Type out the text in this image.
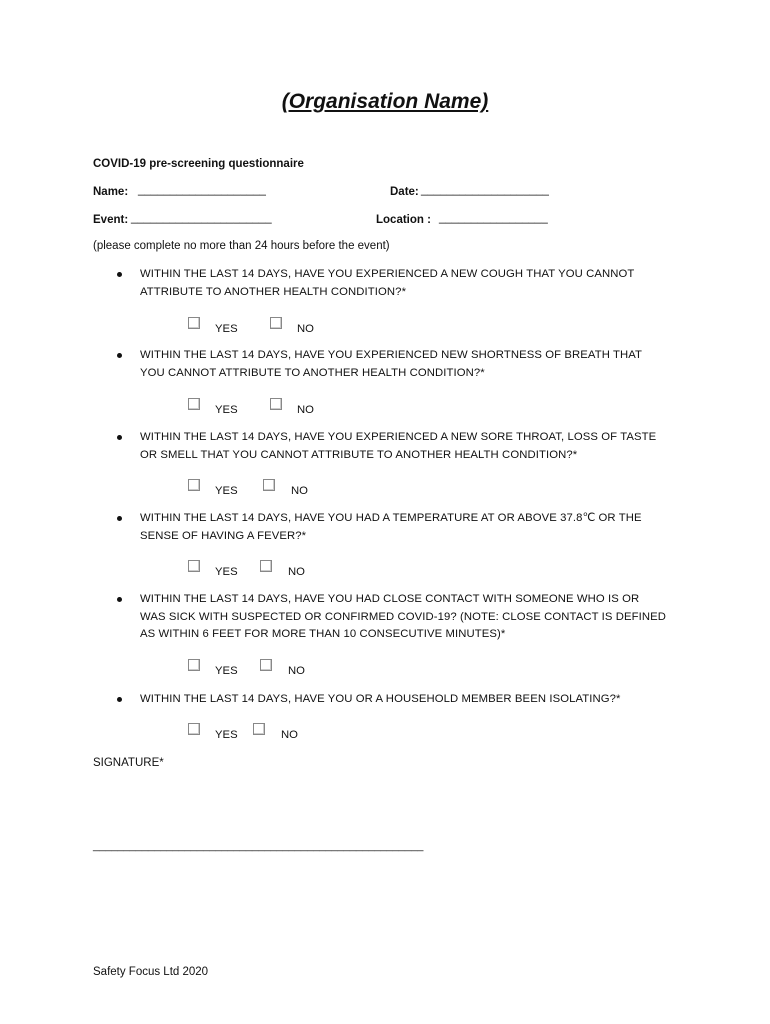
(Organisation Name)
COVID-19 pre-screening questionnaire
Name: ____________________	Date: ____________________
Event: ______________________	Location : _________________
(please complete no more than 24 hours before the event)
WITHIN THE LAST 14 DAYS, HAVE YOU EXPERIENCED A NEW COUGH THAT YOU CANNOT
ATTRIBUTE TO ANOTHER HEALTH CONDITION?*
YES	NO
WITHIN THE LAST 14 DAYS, HAVE YOU EXPERIENCED NEW SHORTNESS OF BREATH THAT
YOU CANNOT ATTRIBUTE TO ANOTHER HEALTH CONDITION?*
YES	NO
WITHIN THE LAST 14 DAYS, HAVE YOU EXPERIENCED A NEW SORE THROAT, LOSS OF TASTE
OR SMELL THAT YOU CANNOT ATTRIBUTE TO ANOTHER HEALTH CONDITION?*
YES	NO
WITHIN THE LAST 14 DAYS, HAVE YOU HAD A TEMPERATURE AT OR ABOVE 37.8℃ OR THE
SENSE OF HAVING A FEVER?*
YES	NO
WITHIN THE LAST 14 DAYS, HAVE YOU HAD CLOSE CONTACT WITH SOMEONE WHO IS OR
WAS SICK WITH SUSPECTED OR CONFIRMED COVID-19? (NOTE: CLOSE CONTACT IS DEFINED
AS WITHIN 6 FEET FOR MORE THAN 10 CONSECUTIVE MINUTES)*
YES	NO
WITHIN THE LAST 14 DAYS, HAVE YOU OR A HOUSEHOLD MEMBER BEEN ISOLATING?*
YES	NO
SIGNATURE*
______________________________________________________
Safety Focus Ltd 2020
